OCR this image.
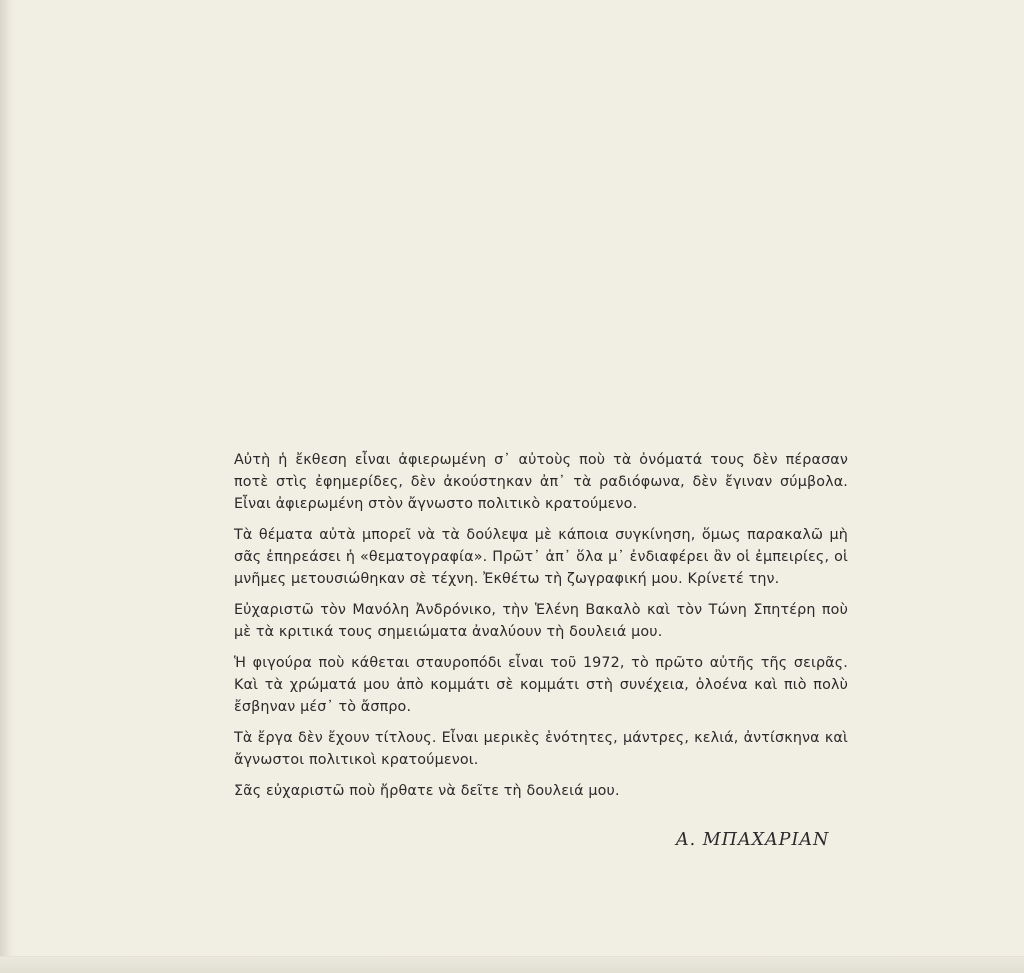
Αὐτὴ ἡ ἔκθεση εἶναι ἀφιερωμένη σ᾽ αὐτοὺς ποὺ τὰ ὀνόματά τους δὲν πέρασαν ποτὲ στὶς ἐφημερίδες, δὲν ἀκούστηκαν ἀπ᾽ τὰ ραδιόφωνα, δὲν ἔγιναν σύμβολα. Εἶναι ἀφιερωμένη στὸν ἄγνωστο πολιτικὸ κρατούμενο.

Τὰ θέματα αὐτὰ μπορεῖ νὰ τὰ δούλεψα μὲ κάποια συγκίνηση, ὅμως παρακαλῶ μὴ σᾶς ἐπηρεάσει ἡ «θεματογραφία». Πρῶτ᾽ ἀπ᾽ ὅλα μ᾽ ἐνδιαφέρει ἂν οἱ ἐμπειρίες, οἱ μνῆμες μετουσιώθηκαν σὲ τέχνη. Ἐκθέτω τὴ ζωγραφική μου. Κρίνετέ την.

Εὐχαριστῶ τὸν Μανόλη Ἀνδρόνικο, τὴν Ἑλένη Βακαλὸ καὶ τὸν Τώνη Σπητέρη ποὺ μὲ τὰ κριτικά τους σημειώματα ἀναλύουν τὴ δουλειά μου.

Ἡ φιγούρα ποὺ κάθεται σταυροπόδι εἶναι τοῦ 1972, τὸ πρῶτο αὐτῆς τῆς σειρᾶς. Καὶ τὰ χρώματά μου ἀπὸ κομμάτι σὲ κομμάτι στὴ συνέχεια, ὁλοένα καὶ πιὸ πολὺ ἔσβηναν μέσ᾽ τὸ ἄσπρο.

Τὰ ἔργα δὲν ἔχουν τίτλους. Εἶναι μερικὲς ἑνότητες, μάντρες, κελιά, ἀντίσκηνα καὶ ἄγνωστοι πολιτικοὶ κρατούμενοι.

Σᾶς εὐχαριστῶ ποὺ ἤρθατε νὰ δεῖτε τὴ δουλειά μου.

Α. ΜΠΑΧΑΡΙΑΝ
